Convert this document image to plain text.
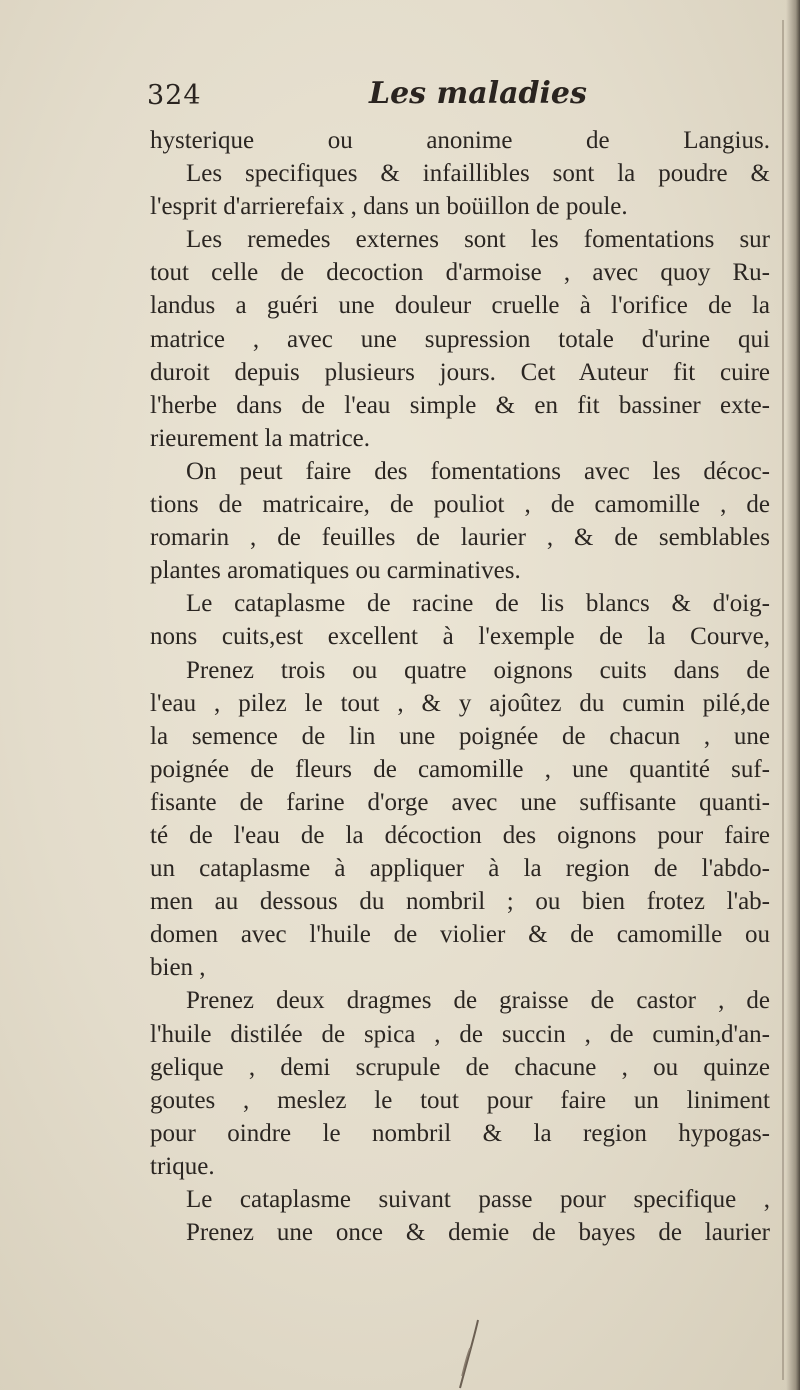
324	Les maladies
hysterique ou anonime de Langius.
Les specifiques & infaillibles sont la poudre &
l'esprit d'arrierefaix , dans un boüillon de poule.
Les remedes externes sont les fomentations sur
tout celle de decoction d'armoise , avec quoy Ru-
landus a guéri une douleur cruelle à l'orifice de la
matrice , avec une supression totale d'urine qui
duroit depuis plusieurs jours. Cet Auteur fit cuire
l'herbe dans de l'eau simple & en fit bassiner exte-
rieurement la matrice.
On peut faire des fomentations avec les décoc-
tions de matricaire, de pouliot , de camomille , de
romarin , de feuilles de laurier , & de semblables
plantes aromatiques ou carminatives.
Le cataplasme de racine de lis blancs & d'oig-
nons cuits,est excellent à l'exemple de la Courve,
Prenez trois ou quatre oignons cuits dans de
l'eau , pilez le tout , & y ajoûtez du cumin pilé,de
la semence de lin une poignée de chacun , une
poignée de fleurs de camomille , une quantité suf-
fisante de farine d'orge avec une suffisante quanti-
té de l'eau de la décoction des oignons pour faire
un cataplasme à appliquer à la region de l'abdo-
men au dessous du nombril ; ou bien frotez l'ab-
domen avec l'huile de violier & de camomille ou
bien ,
Prenez deux dragmes de graisse de castor , de
l'huile distilée de spica , de succin , de cumin,d'an-
gelique , demi scrupule de chacune , ou quinze
goutes , meslez le tout pour faire un liniment
pour oindre le nombril & la region hypogas-
trique.
Le cataplasme suivant passe pour specifique ,
Prenez une once & demie de bayes de laurier
